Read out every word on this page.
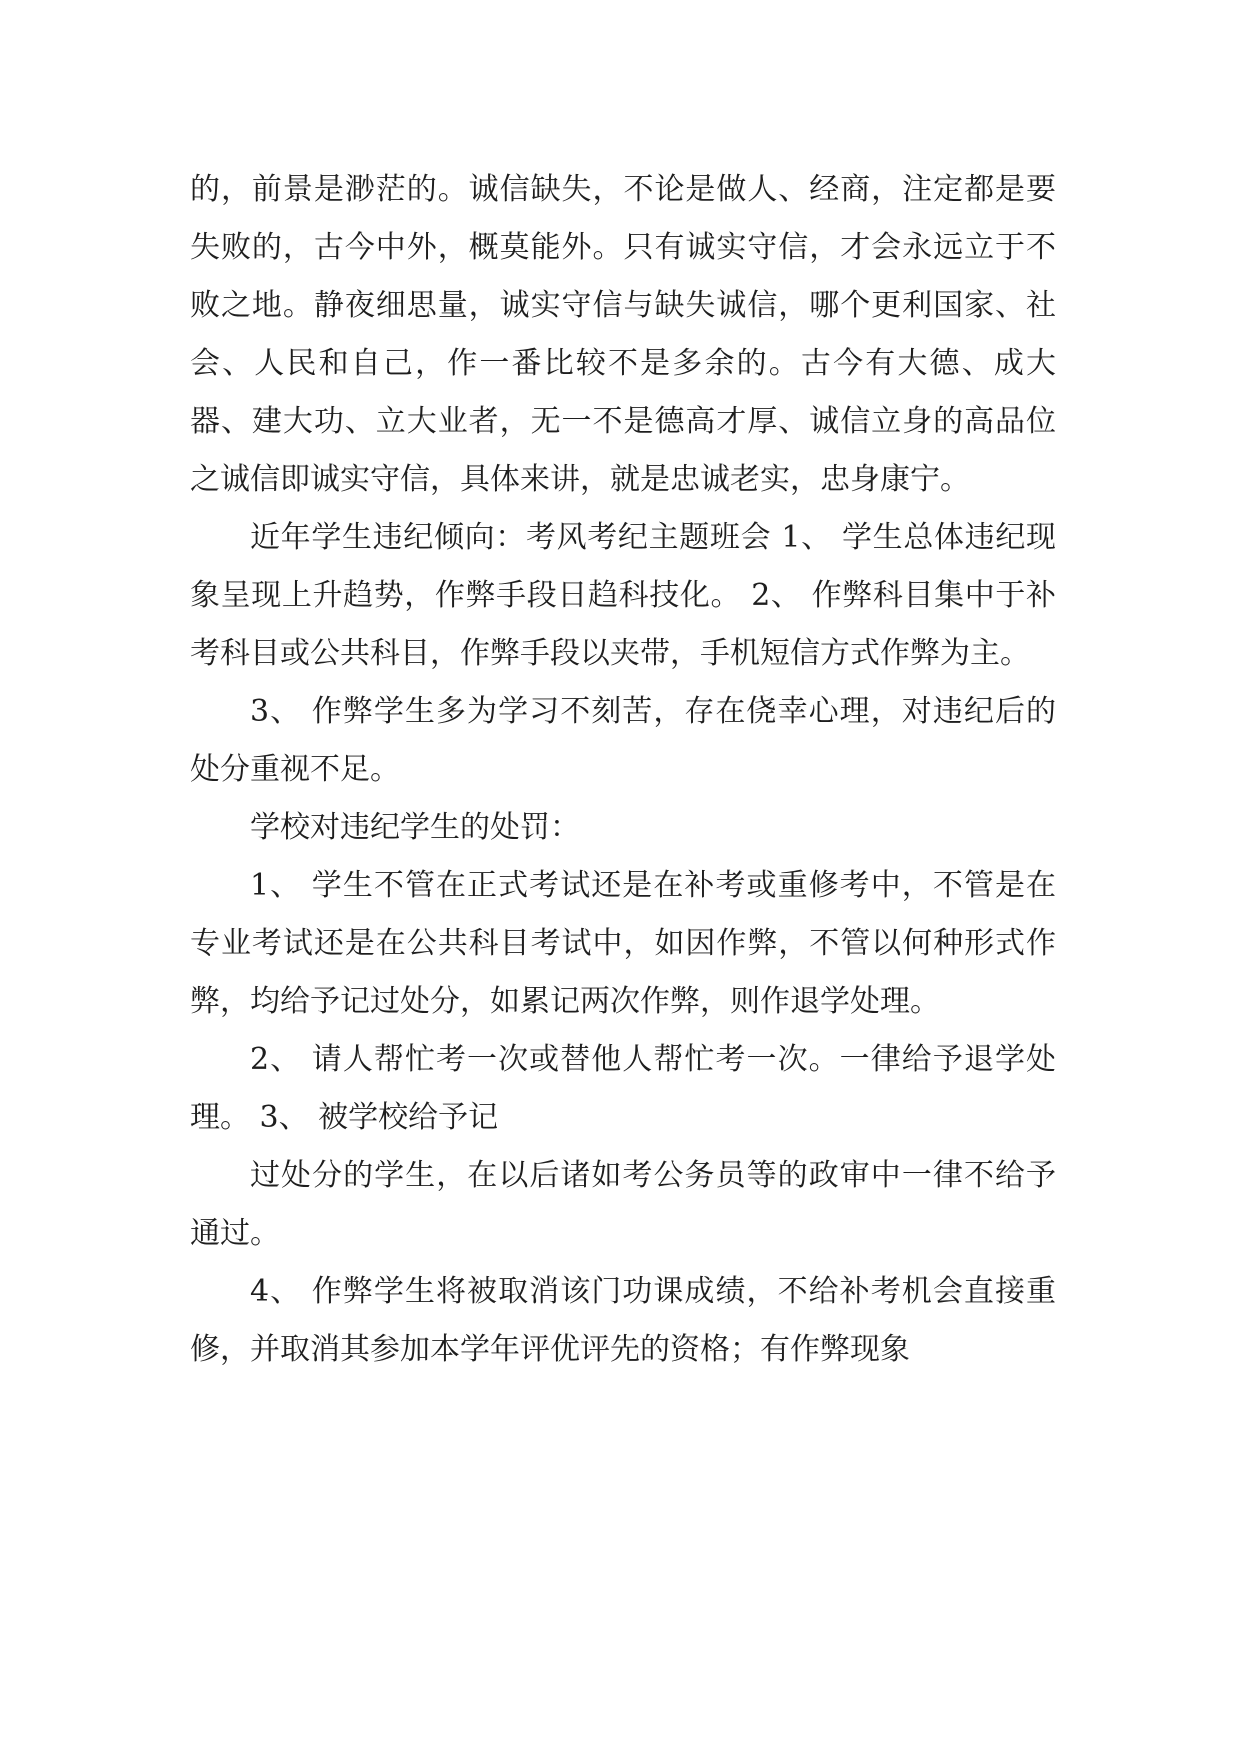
的，前景是渺茫的。诚信缺失，不论是做人、经商，注定都是要失败的，古今中外，概莫能外。只有诚实守信，才会永远立于不败之地。静夜细思量，诚实守信与缺失诚信，哪个更利国家、社会、人民和自己，作一番比较不是多余的。古今有大德、成大器、建大功、立大业者，无一不是德高才厚、诚信立身的高品位之诚信即诚实守信，具体来讲，就是忠诚老实，忠身康宁。

近年学生违纪倾向：考风考纪主题班会 1、 学生总体违纪现象呈现上升趋势，作弊手段日趋科技化。 2、 作弊科目集中于补考科目或公共科目，作弊手段以夹带，手机短信方式作弊为主。

3、 作弊学生多为学习不刻苦，存在侥幸心理，对违纪后的处分重视不足。

学校对违纪学生的处罚：

1、 学生不管在正式考试还是在补考或重修考中，不管是在专业考试还是在公共科目考试中，如因作弊，不管以何种形式作弊，均给予记过处分，如累记两次作弊，则作退学处理。

2、 请人帮忙考一次或替他人帮忙考一次。一律给予退学处理。 3、 被学校给予记

过处分的学生，在以后诸如考公务员等的政审中一律不给予通过。

4、 作弊学生将被取消该门功课成绩，不给补考机会直接重修，并取消其参加本学年评优评先的资格；有作弊现象
